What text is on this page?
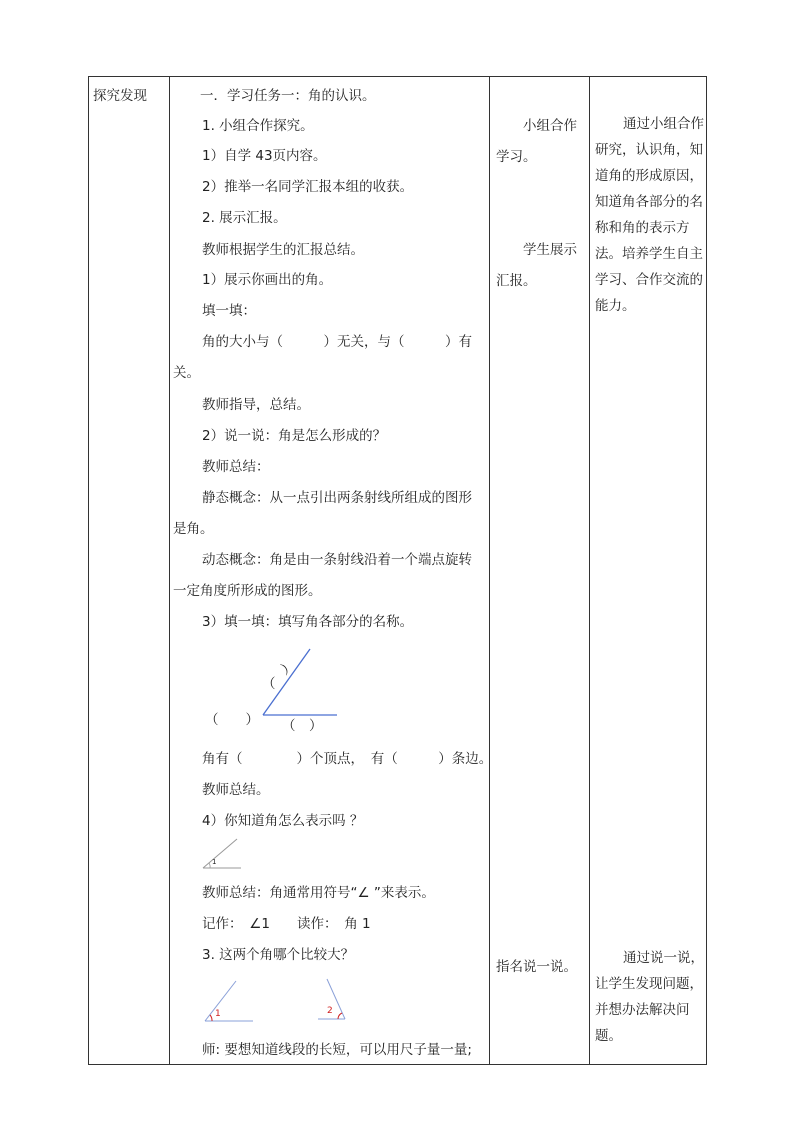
探究发现	一．学习任务一：角的认识。
1. 小组合作探究。
1）自学 43页内容。
2）推举一名同学汇报本组的收获。
2. 展示汇报。
教师根据学生的汇报总结。
1）展示你画出的角。
填一填：
角的大小与（　　　）无关，与（　　　）有
关。
教师指导，总结。
2）说一说：角是怎么形成的？
教师总结：
静态概念：从一点引出两条射线所组成的图形
是角。
动态概念：角是由一条射线沿着一个端点旋转
一定角度所形成的图形。
3）填一填：填写角各部分的名称。
（　　） （　）
（
）
角有（　　　　）个顶点，　有（　　　）条边。
教师总结。
4）你知道角怎么表示吗 ？
1
教师总结：角通常用符号“∠ ”来表示。
记作：　∠1　　读作：　角 1
3. 这两个角哪个比较大？
1	2
师: 要想知道线段的长短，可以用尺子量一量;
小组合作
学习。
学生展示
汇报。
指名说一说。
通过小组合作研究，认识角，知道角的形成原因，知道角各部分的名称和角的表示方法。培养学生自主学习、合作交流的能力。
通过说一说，让学生发现问题，并想办法解决问题。
